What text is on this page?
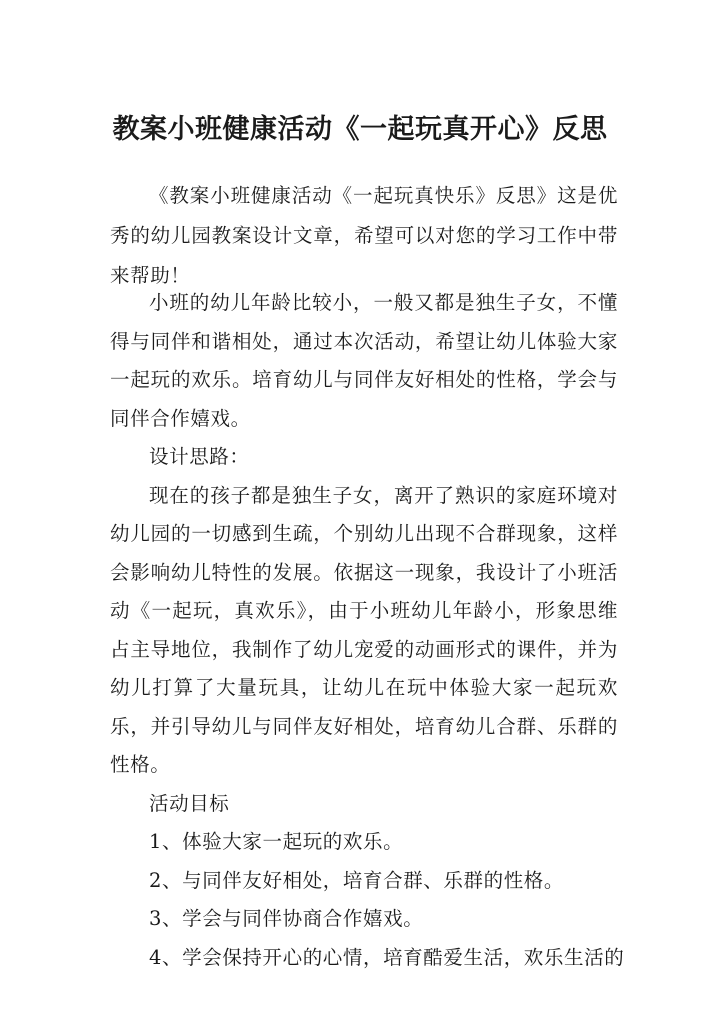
教案小班健康活动《一起玩真开心》反思

《教案小班健康活动《一起玩真快乐》反思》这是优秀的幼儿园教案设计文章，希望可以对您的学习工作中带来帮助！

小班的幼儿年龄比较小，一般又都是独生子女，不懂得与同伴和谐相处，通过本次活动，希望让幼儿体验大家一起玩的欢乐。培育幼儿与同伴友好相处的性格，学会与同伴合作嬉戏。

设计思路：

现在的孩子都是独生子女，离开了熟识的家庭环境对幼儿园的一切感到生疏，个别幼儿出现不合群现象，这样会影响幼儿特性的发展。依据这一现象，我设计了小班活动《一起玩，真欢乐》，由于小班幼儿年龄小，形象思维占主导地位，我制作了幼儿宠爱的动画形式的课件，并为幼儿打算了大量玩具，让幼儿在玩中体验大家一起玩欢乐，并引导幼儿与同伴友好相处，培育幼儿合群、乐群的性格。

活动目标

1、体验大家一起玩的欢乐。

2、与同伴友好相处，培育合群、乐群的性格。

3、学会与同伴协商合作嬉戏。

4、学会保持开心的心情，培育酷爱生活，欢乐生活的
